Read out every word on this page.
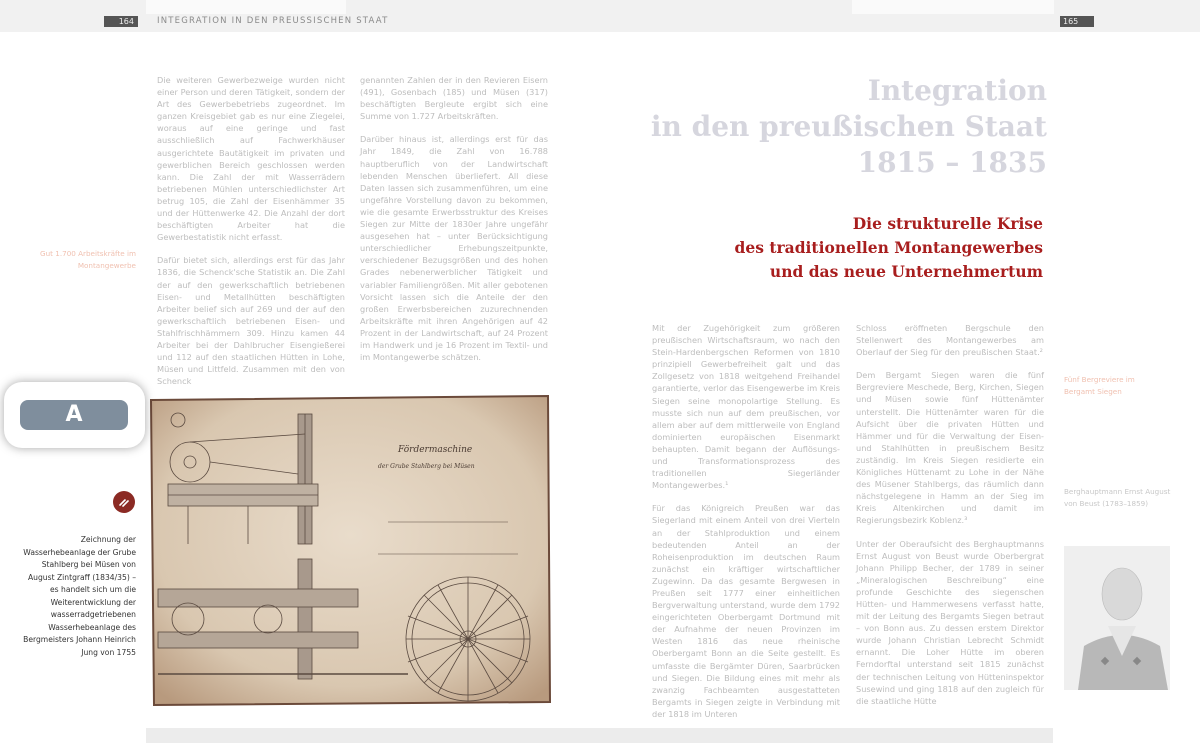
164	INTEGRATION IN DEN PREUSSISCHEN STAAT	165

Die weiteren Gewerbezweige wurden nicht einer Person und deren Tätigkeit, sondern der Art des Gewerbebetriebs zugeordnet. Im ganzen Kreisgebiet gab es nur eine Ziegelei, woraus auf eine geringe und fast ausschließlich auf Fachwerkhäuser ausgerichtete Bautätigkeit im privaten und gewerblichen Bereich geschlossen werden kann. Die Zahl der mit Wasserrädern betriebenen Mühlen unterschiedlichster Art betrug 105, die Zahl der Eisenhämmer 35 und der Hüttenwerke 42. Die Anzahl der dort beschäftigten Arbeiter hat die Gewerbestatistik nicht erfasst.

Dafür bietet sich, allerdings erst für das Jahr 1836, die Schenck'sche Statistik an. Die Zahl der auf den gewerkschaftlich betriebenen Eisen- und Metallhütten beschäftigten Arbeiter belief sich auf 269 und der auf den gewerkschaftlich betriebenen Eisen- und Stahlfrischhämmern 309. Hinzu kamen 44 Arbeiter bei der Dahlbrucher Eisengießerei und 112 auf den staatlichen Hütten in Lohe, Müsen und Littfeld. Zusammen mit den von Schenck

genannten Zahlen der in den Revieren Eisern (491), Gosenbach (185) und Müsen (317) beschäftigten Bergleute ergibt sich eine Summe von 1.727 Arbeitskräften.

Darüber hinaus ist, allerdings erst für das Jahr 1849, die Zahl von 16.788 hauptberuflich von der Landwirtschaft lebenden Menschen überliefert. All diese Daten lassen sich zusammenführen, um eine ungefähre Vorstellung davon zu bekommen, wie die gesamte Erwerbsstruktur des Kreises Siegen zur Mitte der 1830er Jahre ungefähr ausgesehen hat – unter Berücksichtigung unterschiedlicher Erhebungszeitpunkte, verschiedener Bezugsgrößen und des hohen Grades nebenerwerblicher Tätigkeit und variabler Familiengrößen. Mit aller gebotenen Vorsicht lassen sich die Anteile der den großen Erwerbsbereichen zuzurechnenden Arbeitskräfte mit ihren Angehörigen auf 42 Prozent in der Landwirtschaft, auf 24 Prozent im Handwerk und je 16 Prozent im Textil- und im Montangewerbe schätzen.

Gut 1.700 Arbeitskräfte im Montangewerbe
Fördermaschine
der Grube Stahlberg bei Müsen
A
Zeichnung der Wasserhebeanlage der Grube Stahlberg bei Müsen von August Zintgraff (1834/35) – es handelt sich um die Weiterentwicklung der wasserradgetriebenen Wasserhebeanlage des Bergmeisters Johann Heinrich Jung von 1755
Integration
in den preußischen Staat
1815 – 1835
Die strukturelle Krise
des traditionellen Montangewerbes
und das neue Unternehmertum

Mit der Zugehörigkeit zum größeren preußischen Wirtschaftsraum, wo nach den Stein-Hardenbergschen Reformen von 1810 prinzipiell Gewerbefreiheit galt und das Zollgesetz von 1818 weitgehend Freihandel garantierte, verlor das Eisengewerbe im Kreis Siegen seine monopolartige Stellung. Es musste sich nun auf dem preußischen, vor allem aber auf dem mittlerweile von England dominierten europäischen Eisenmarkt behaupten. Damit begann der Auflösungs- und Transformationsprozess des traditionellen Siegerländer Montangewerbes.¹

Für das Königreich Preußen war das Siegerland mit einem Anteil von drei Vierteln an der Stahlproduktion und einem bedeutenden Anteil an der Roheisenproduktion im deutschen Raum zunächst ein kräftiger wirtschaftlicher Zugewinn. Da das gesamte Bergwesen in Preußen seit 1777 einer einheitlichen Bergverwaltung unterstand, wurde dem 1792 eingerichteten Oberbergamt Dortmund mit der Aufnahme der neuen Provinzen im Westen 1816 das neue rheinische Oberbergamt Bonn an die Seite gestellt. Es umfasste die Bergämter Düren, Saarbrücken und Siegen. Die Bildung eines mit mehr als zwanzig Fachbeamten ausgestatteten Bergamts in Siegen zeigte in Verbindung mit der 1818 im Unteren

Schloss eröffneten Bergschule den Stellenwert des Montangewerbes am Oberlauf der Sieg für den preußischen Staat.²

Dem Bergamt Siegen waren die fünf Bergreviere Meschede, Berg, Kirchen, Siegen und Müsen sowie fünf Hüttenämter unterstellt. Die Hüttenämter waren für die Aufsicht über die privaten Hütten und Hämmer und für die Verwaltung der Eisen- und Stahlhütten in preußischem Besitz zuständig. Im Kreis Siegen residierte ein Königliches Hüttenamt zu Lohe in der Nähe des Müsener Stahlbergs, das räumlich dann nächstgelegene in Hamm an der Sieg im Kreis Altenkirchen und damit im Regierungsbezirk Koblenz.³

Unter der Oberaufsicht des Berghauptmanns Ernst August von Beust wurde Oberbergrat Johann Philipp Becher, der 1789 in seiner „Mineralogischen Beschreibung“ eine profunde Geschichte des siegenschen Hütten- und Hammerwesens verfasst hatte, mit der Leitung des Bergamts Siegen betraut – von Bonn aus. Zu dessen erstem Direktor wurde Johann Christian Lebrecht Schmidt ernannt. Die Loher Hütte im oberen Ferndorftal unterstand seit 1815 zunächst der technischen Leitung von Hütteninspektor Susewind und ging 1818 auf den zugleich für die staatliche Hütte

Fünf Bergreviere im Bergamt Siegen
Berghauptmann Ernst August von Beust (1783–1859)
